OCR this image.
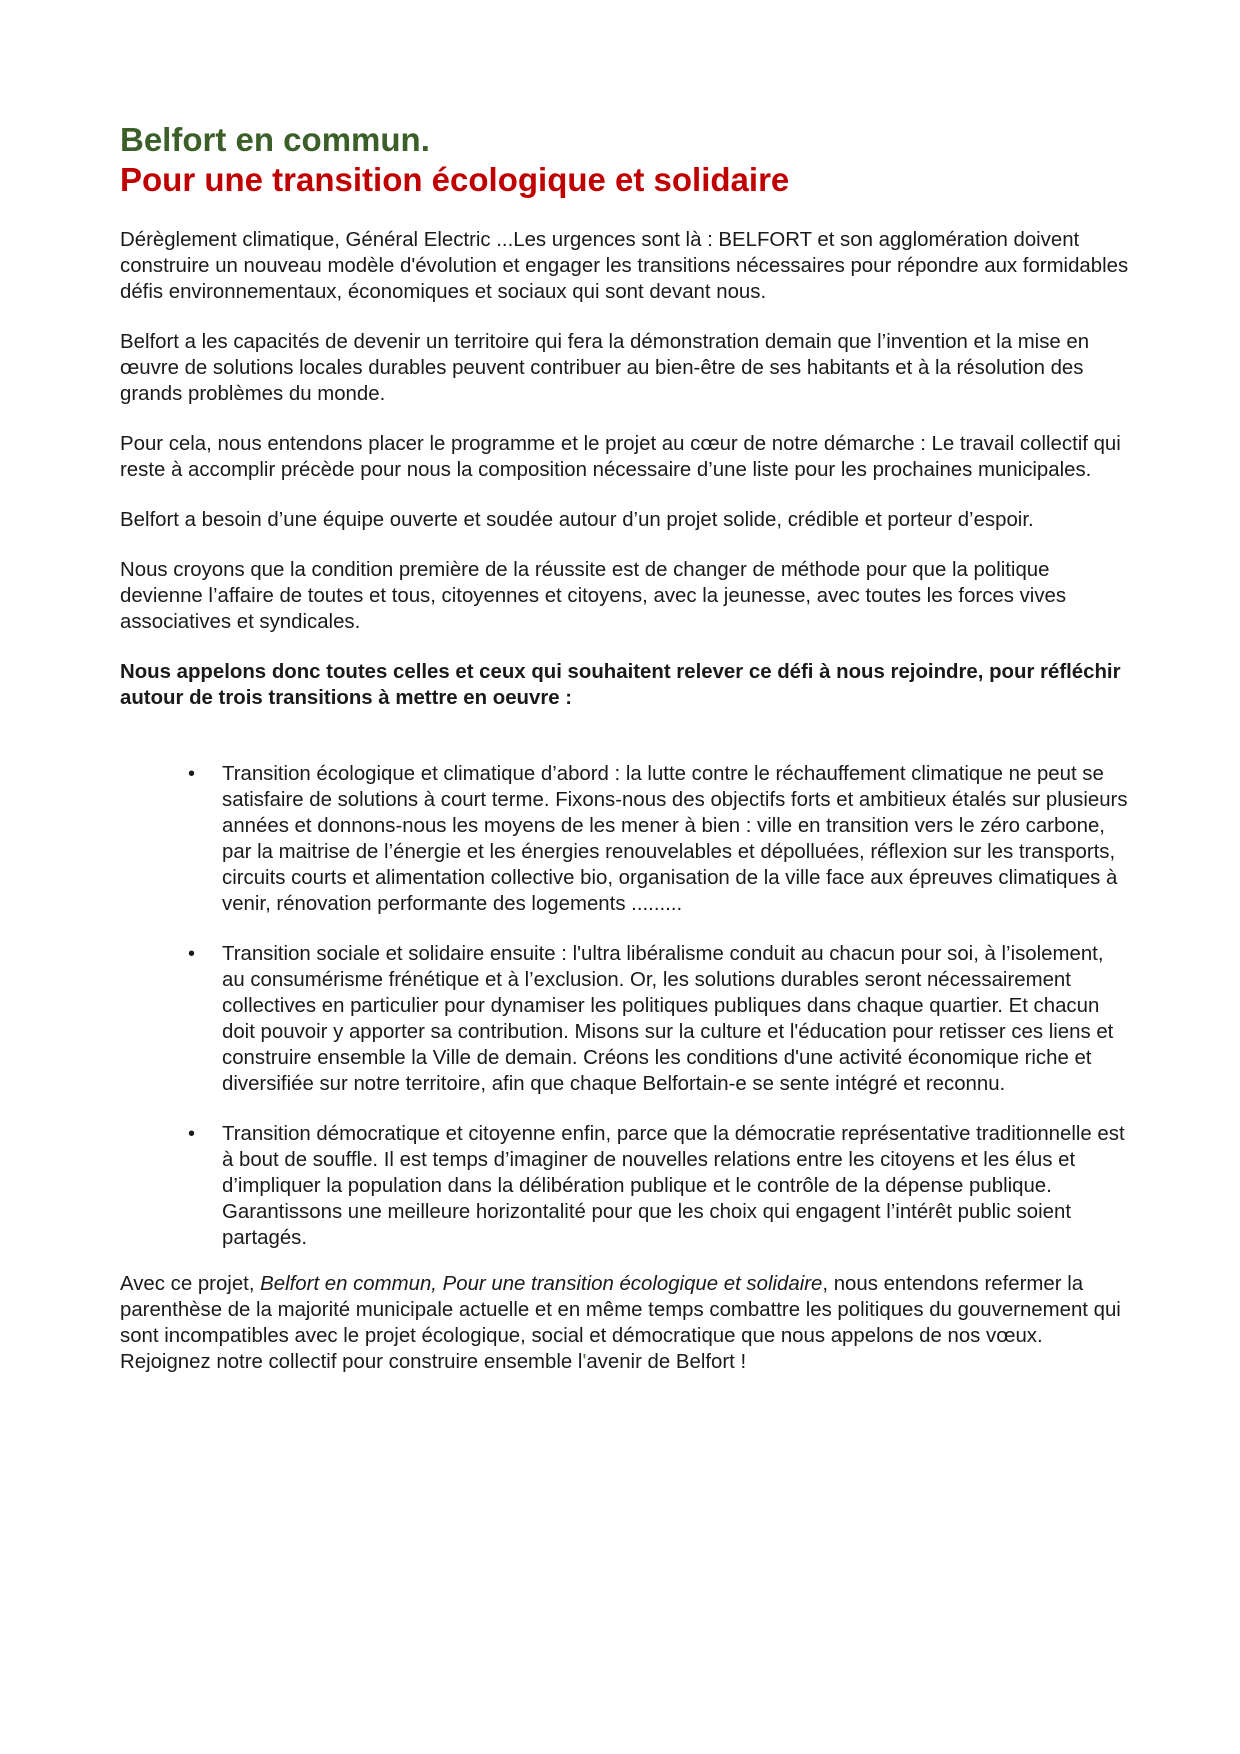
Belfort en commun.
Pour une transition écologique et solidaire

Dérèglement climatique, Général Electric ...Les urgences sont là : BELFORT et son agglomération doivent construire un nouveau modèle d'évolution et engager les transitions nécessaires pour répondre aux formidables défis environnementaux, économiques et sociaux qui sont devant nous.

Belfort a les capacités de devenir un territoire qui fera la démonstration demain que l’invention et la mise en œuvre de solutions locales durables peuvent contribuer au bien-être de ses habitants et à la résolution des grands problèmes du monde.

Pour cela, nous entendons placer le programme et le projet au cœur de notre démarche : Le travail collectif qui reste à accomplir précède pour nous la composition nécessaire d’une liste pour les prochaines municipales.

Belfort a besoin d’une équipe ouverte et soudée autour d’un projet solide, crédible et porteur d’espoir.

Nous croyons que la condition première de la réussite est de changer de méthode pour que la politique devienne l’affaire de toutes et tous, citoyennes et citoyens, avec la jeunesse, avec toutes les forces vives associatives et syndicales.

Nous appelons donc toutes celles et ceux qui souhaitent relever ce défi à nous rejoindre, pour réfléchir autour de trois transitions à mettre en oeuvre :

• Transition écologique et climatique d’abord : la lutte contre le réchauffement climatique ne peut se satisfaire de solutions à court terme. Fixons-nous des objectifs forts et ambitieux étalés sur plusieurs années et donnons-nous les moyens de les mener à bien : ville en transition vers le zéro carbone, par la maitrise de l’énergie et les énergies renouvelables et dépolluées, réflexion sur les transports, circuits courts et alimentation collective bio, organisation de la ville face aux épreuves climatiques à venir, rénovation performante des logements .........
• Transition sociale et solidaire ensuite : l'ultra libéralisme conduit au chacun pour soi, à l’isolement, au consumérisme frénétique et à l’exclusion. Or, les solutions durables seront nécessairement collectives en particulier pour dynamiser les politiques publiques dans chaque quartier. Et chacun doit pouvoir y apporter sa contribution. Misons sur la culture et l'éducation pour retisser ces liens et construire ensemble la Ville de demain. Créons les conditions d'une activité économique riche et diversifiée sur notre territoire, afin que chaque Belfortain-e se sente intégré et reconnu.
• Transition démocratique et citoyenne enfin, parce que la démocratie représentative traditionnelle est à bout de souffle. Il est temps d’imaginer de nouvelles relations entre les citoyens et les élus et d’impliquer la population dans la délibération publique et le contrôle de la dépense publique. Garantissons une meilleure horizontalité pour que les choix qui engagent l’intérêt public soient partagés.

Avec ce projet, Belfort en commun, Pour une transition écologique et solidaire, nous entendons refermer la parenthèse de la majorité municipale actuelle et en même temps combattre les politiques du gouvernement qui sont incompatibles avec le projet écologique, social et démocratique que nous appelons de nos vœux.

Rejoignez notre collectif pour construire ensemble l'avenir de Belfort !
